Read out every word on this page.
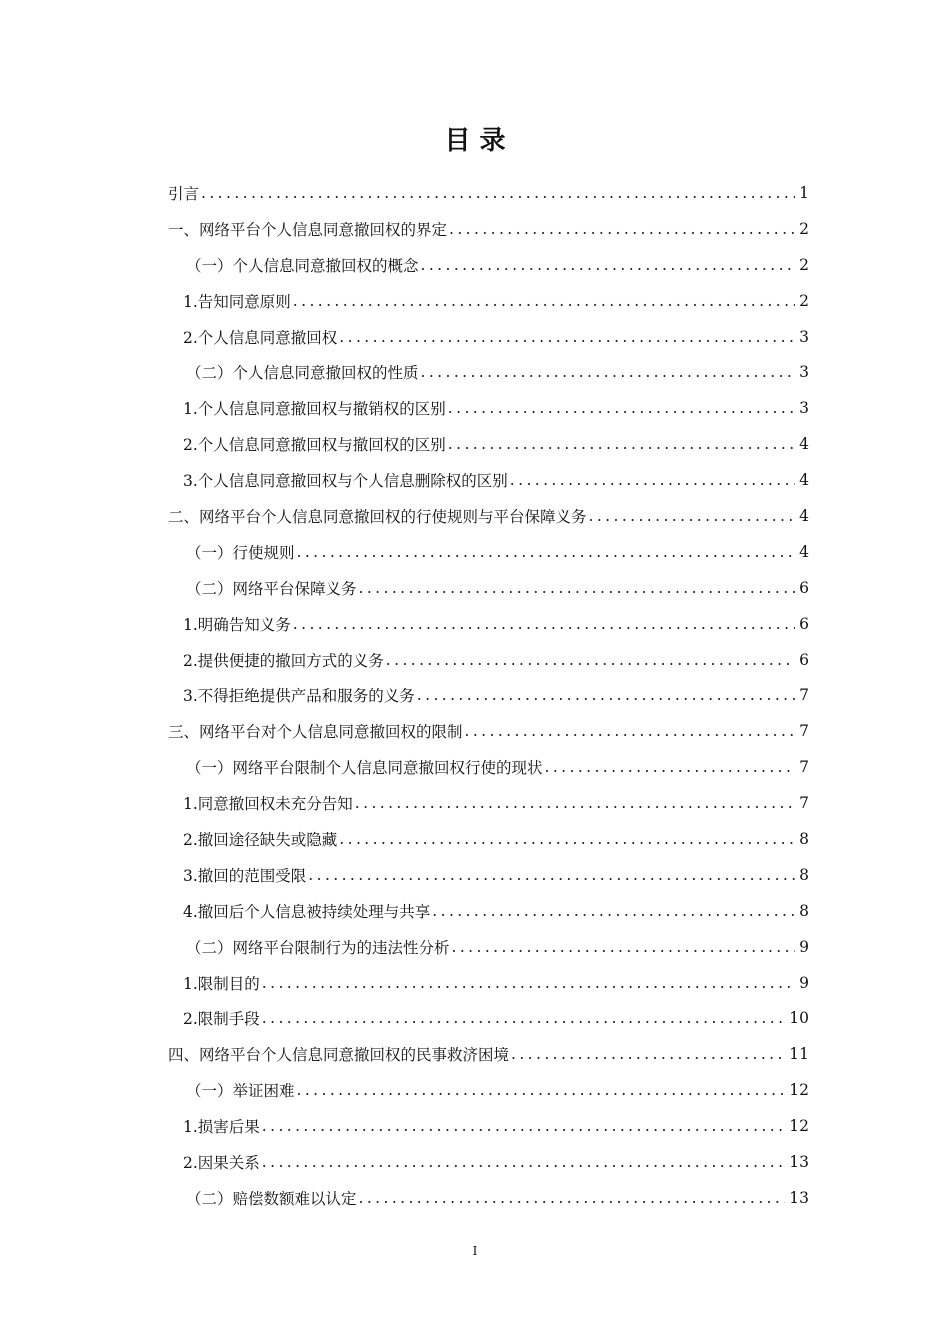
目 录
引言 .....	1
一、网络平台个人信息同意撤回权的界定 .....	2
（一）个人信息同意撤回权的概念 .....	2
1.告知同意原则 .....	2
2.个人信息同意撤回权 .....	3
（二）个人信息同意撤回权的性质 .....	3
1.个人信息同意撤回权与撤销权的区别 .....	3
2.个人信息同意撤回权与撤回权的区别 .....	4
3.个人信息同意撤回权与个人信息删除权的区别 .....	4
二、网络平台个人信息同意撤回权的行使规则与平台保障义务 .....	4
（一）行使规则 .....	4
（二）网络平台保障义务 .....	6
1.明确告知义务 .....	6
2.提供便捷的撤回方式的义务 .....	6
3.不得拒绝提供产品和服务的义务 .....	7
三、网络平台对个人信息同意撤回权的限制 .....	7
（一）网络平台限制个人信息同意撤回权行使的现状 .....	7
1.同意撤回权未充分告知 .....	7
2.撤回途径缺失或隐藏 .....	8
3.撤回的范围受限 .....	8
4.撤回后个人信息被持续处理与共享 .....	8
（二）网络平台限制行为的违法性分析 .....	9
1.限制目的 .....	9
2.限制手段 .....	10
四、网络平台个人信息同意撤回权的民事救济困境 .....	11
（一）举证困难 .....	12
1.损害后果 .....	12
2.因果关系 .....	13
（二）赔偿数额难以认定 .....	13
I
